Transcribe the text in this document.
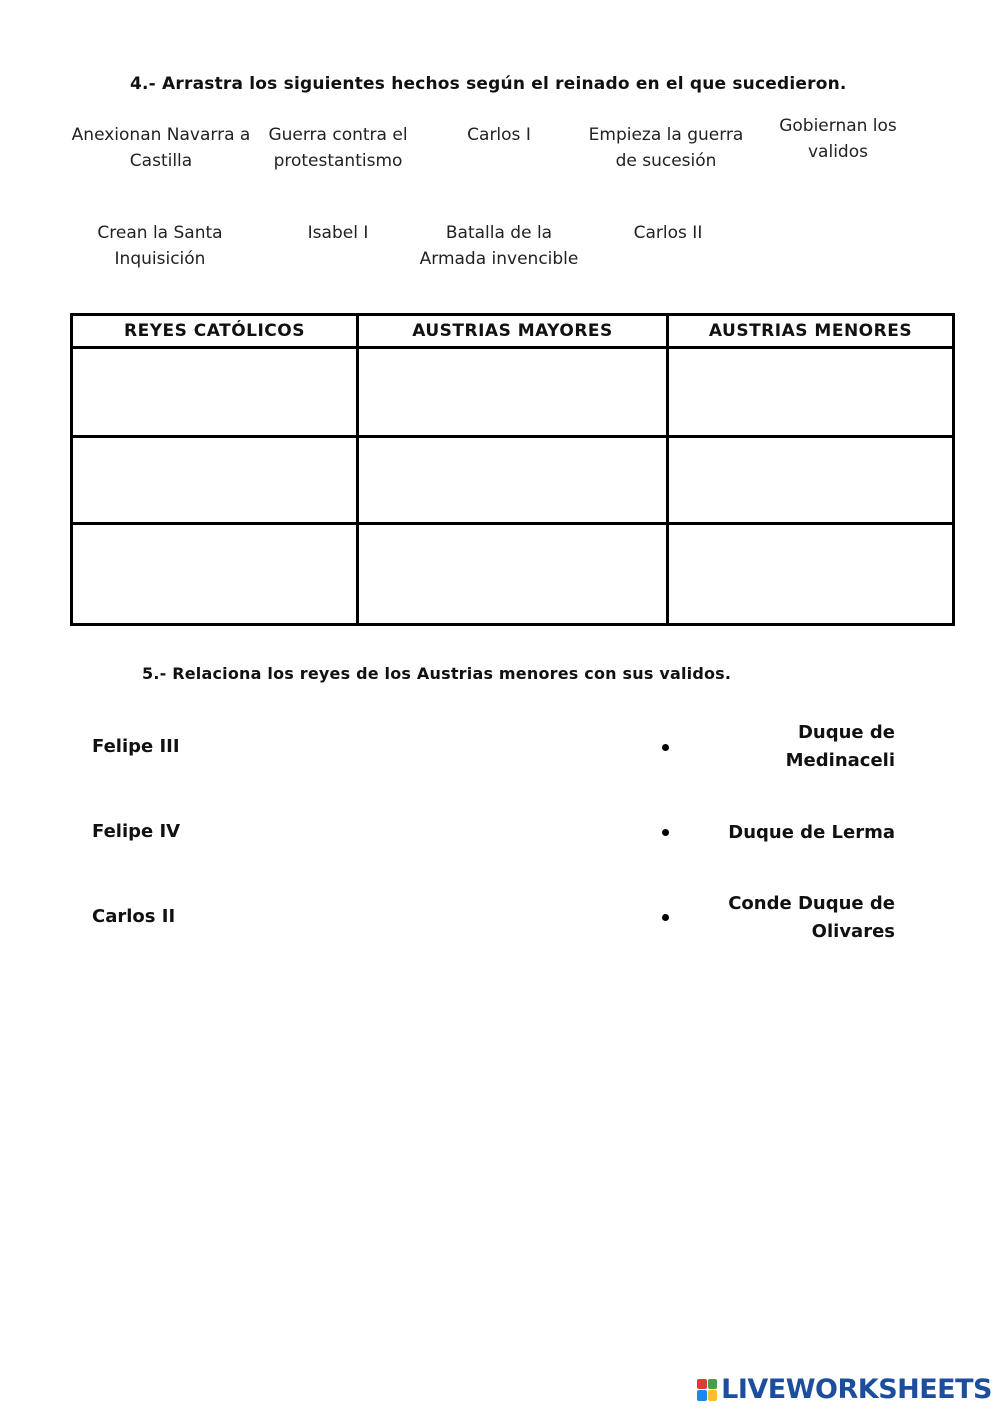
4.- Arrastra los siguientes hechos según el reinado en el que sucedieron.
Anexionan Navarra a
Castilla
Guerra contra el
protestantismo
Carlos I	Empieza la guerra
de sucesión
Gobiernan los
validos
Crean la Santa
Inquisición
Isabel I	Batalla de la
Armada invencible
Carlos II
REYES CATÓLICOS	AUSTRIAS MAYORES	AUSTRIAS MENORES

5.- Relaciona los reyes de los Austrias menores con sus validos.
Felipe III
Felipe IV
Carlos II
Duque de
Medinaceli
Duque de Lerma
Conde Duque de
Olivares
LIVEWORKSHEETS
